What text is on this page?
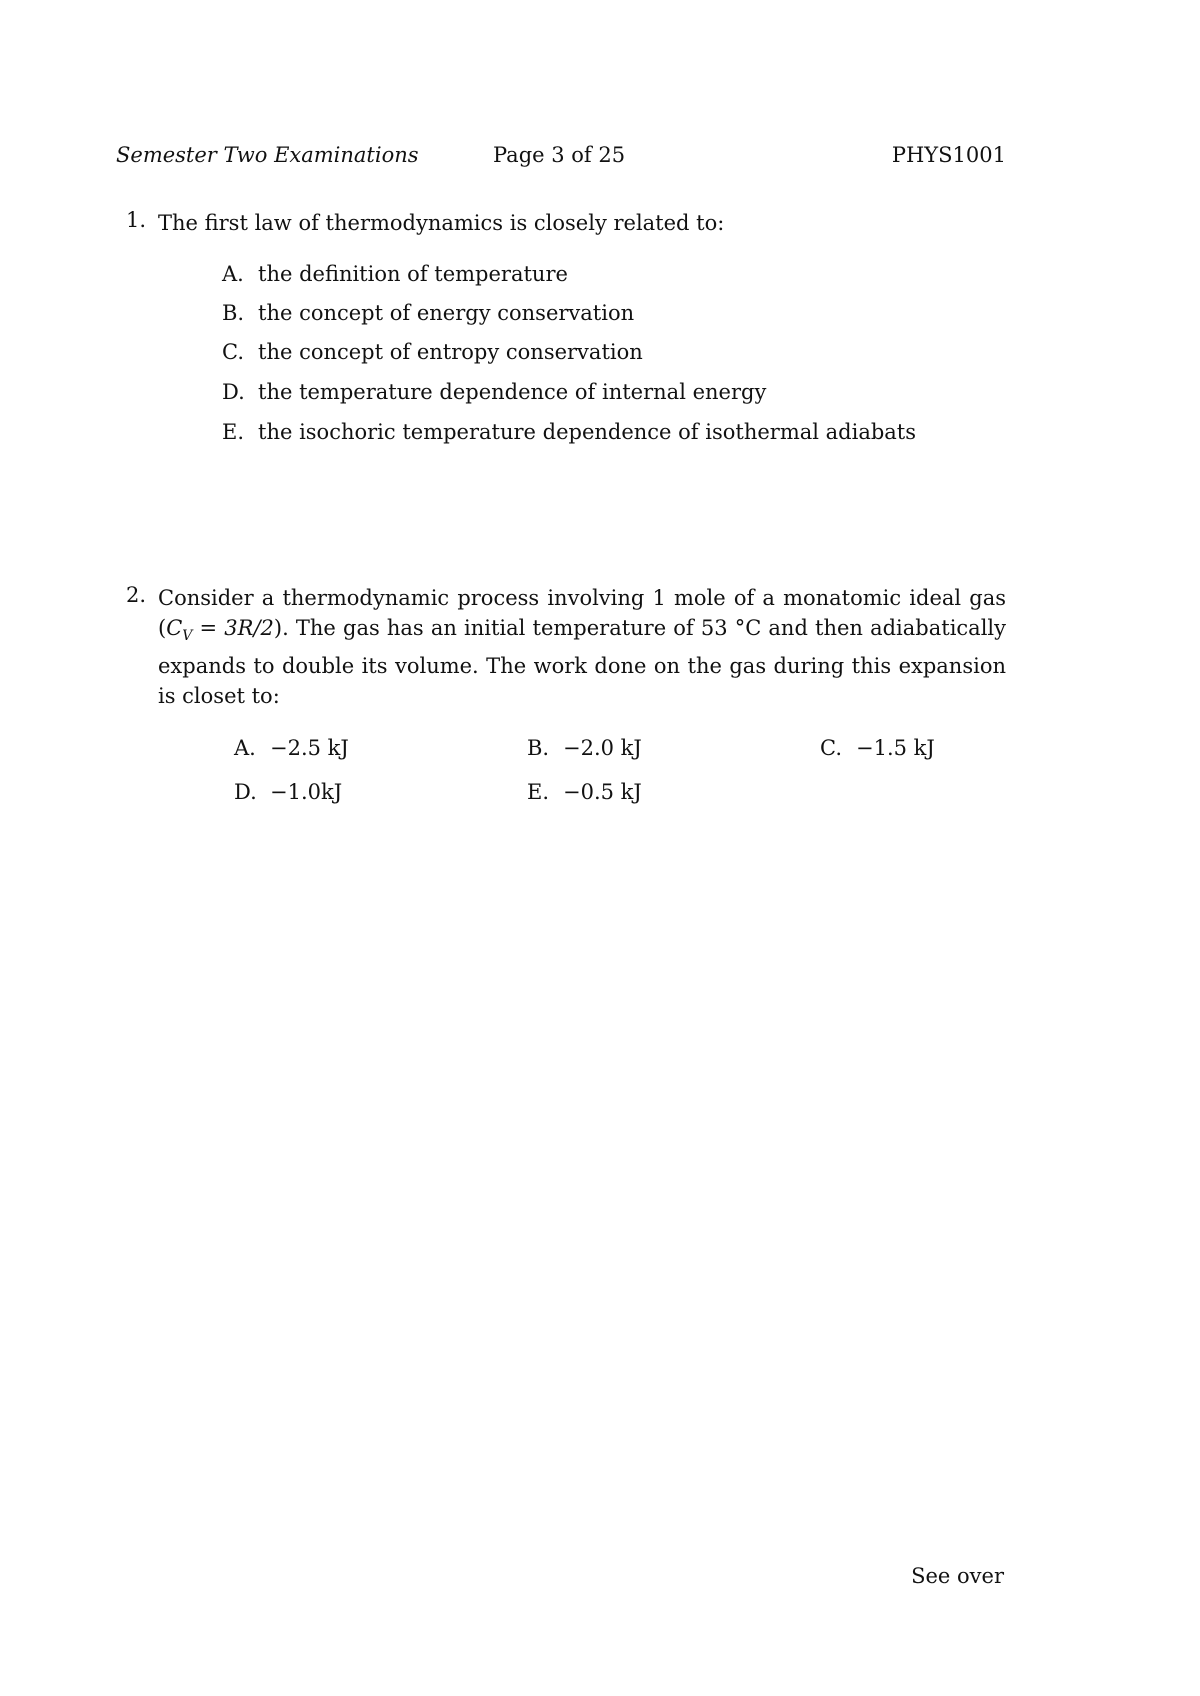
Semester Two Examinations	Page 3 of 25	PHYS1001
1. The first law of thermodynamics is closely related to:
A. the definition of temperature
B. the concept of energy conservation
C. the concept of entropy conservation
D. the temperature dependence of internal energy
E. the isochoric temperature dependence of isothermal adiabats
2. Consider a thermodynamic process involving 1 mole of a monatomic ideal gas $(C_V = 3R/2)$. The gas has an initial temperature of 53 °C and then adiabatically expands to double its volume. The work done on the gas during this expansion is closet to:
A. −2.5 kJ	B. −2.0 kJ	C. −1.5 kJ
D. −1.0kJ	E. −0.5 kJ
See over
